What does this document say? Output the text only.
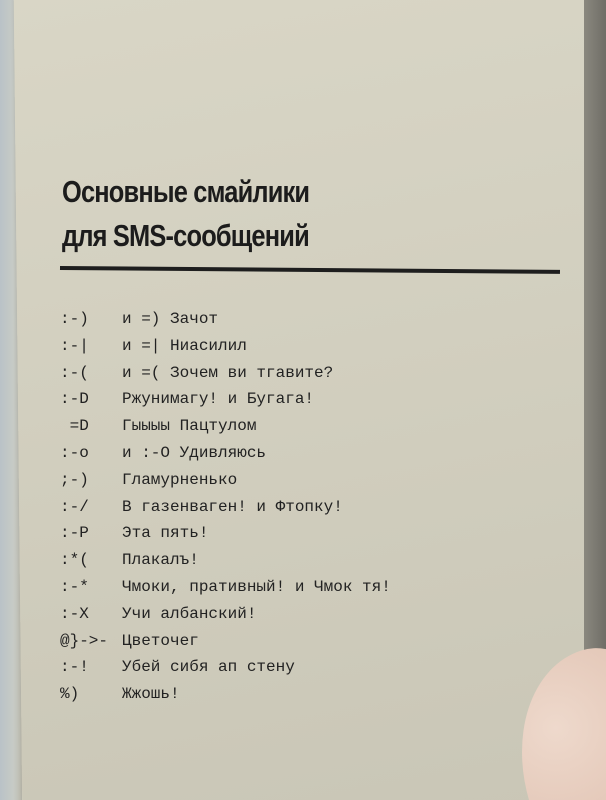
Основные смайлики
для SMS-сообщений
:-) и =) Зачот
:-| и =| Ниасилил
:-( и =( Зочем ви тгавите?
:-D Ржунимагу! и Бугага!
=D Гыыыы Пацтулом
:-o и :-O Удивляюсь
;-) Гламурненько
:-/ В газенваген! и Фтопку!
:-P Эта пять!
:*( Плакалъ!
:-* Чмоки, пративный! и Чмок тя!
:-X Учи албанский!
@}->- Цветочег
:-! Убей сибя ап стену
%)	Жжошь!
